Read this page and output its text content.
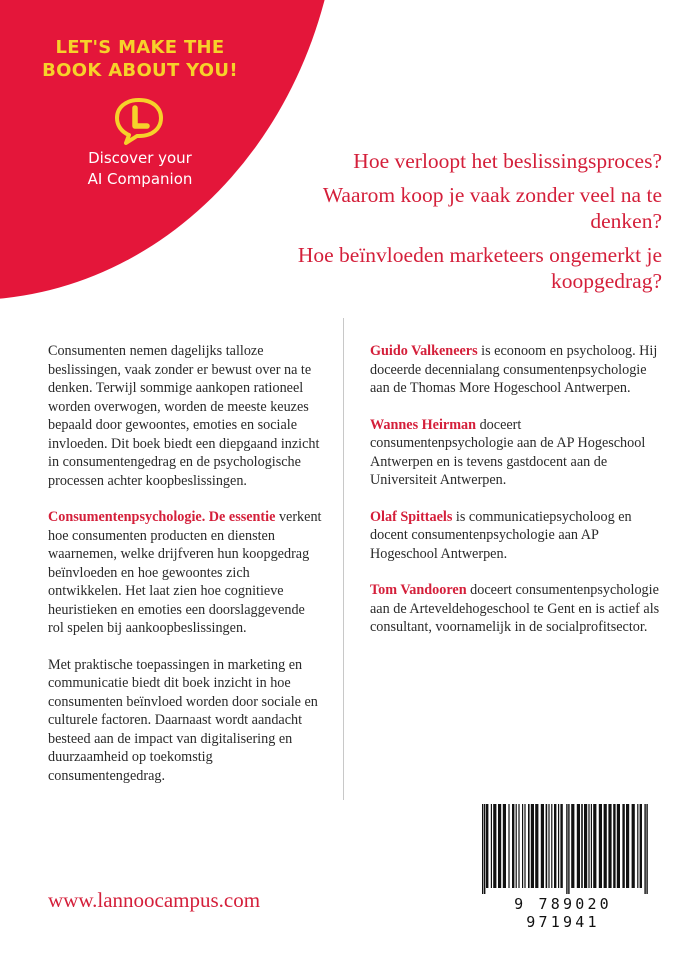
LET'S MAKE THE
BOOK ABOUT YOU!
Discover your
AI Companion

Hoe verloopt het beslissingsproces?

Waarom koop je vaak zonder veel na te denken?

Hoe beïnvloeden marketeers ongemerkt je koopgedrag?

Consumenten nemen dagelijks talloze beslissingen, vaak zonder er bewust over na te denken. Terwijl sommige aankopen rationeel worden overwogen, worden de meeste keuzes bepaald door gewoontes, emoties en sociale invloeden. Dit boek biedt een diepgaand inzicht in consumentengedrag en de psychologische processen achter koopbeslissingen.

Consumentenpsychologie. De essentie verkent hoe consumenten producten en diensten waarnemen, welke drijfveren hun koopgedrag beïnvloeden en hoe gewoontes zich ontwikkelen. Het laat zien hoe cognitieve heuristieken en emoties een doorslaggevende rol spelen bij aankoopbeslissingen.

Met praktische toepassingen in marketing en communicatie biedt dit boek inzicht in hoe consumenten beïnvloed worden door sociale en culturele factoren. Daarnaast wordt aandacht besteed aan de impact van digitalisering en duurzaamheid op toekomstig consumentengedrag.

Guido Valkeneers is econoom en psycholoog. Hij doceerde decennialang consumentenpsychologie aan de Thomas More Hogeschool Antwerpen.

Wannes Heirman doceert consumentenpsychologie aan de AP Hogeschool Antwerpen en is tevens gastdocent aan de Universiteit Antwerpen.

Olaf Spittaels is communicatiepsycholoog en docent consumentenpsychologie aan AP Hogeschool Antwerpen.

Tom Vandooren doceert consumentenpsychologie aan de Arteveldehogeschool te Gent en is actief als consultant, voornamelijk in de socialprofitsector.

www.lannoocampus.com	9 789020 971941
